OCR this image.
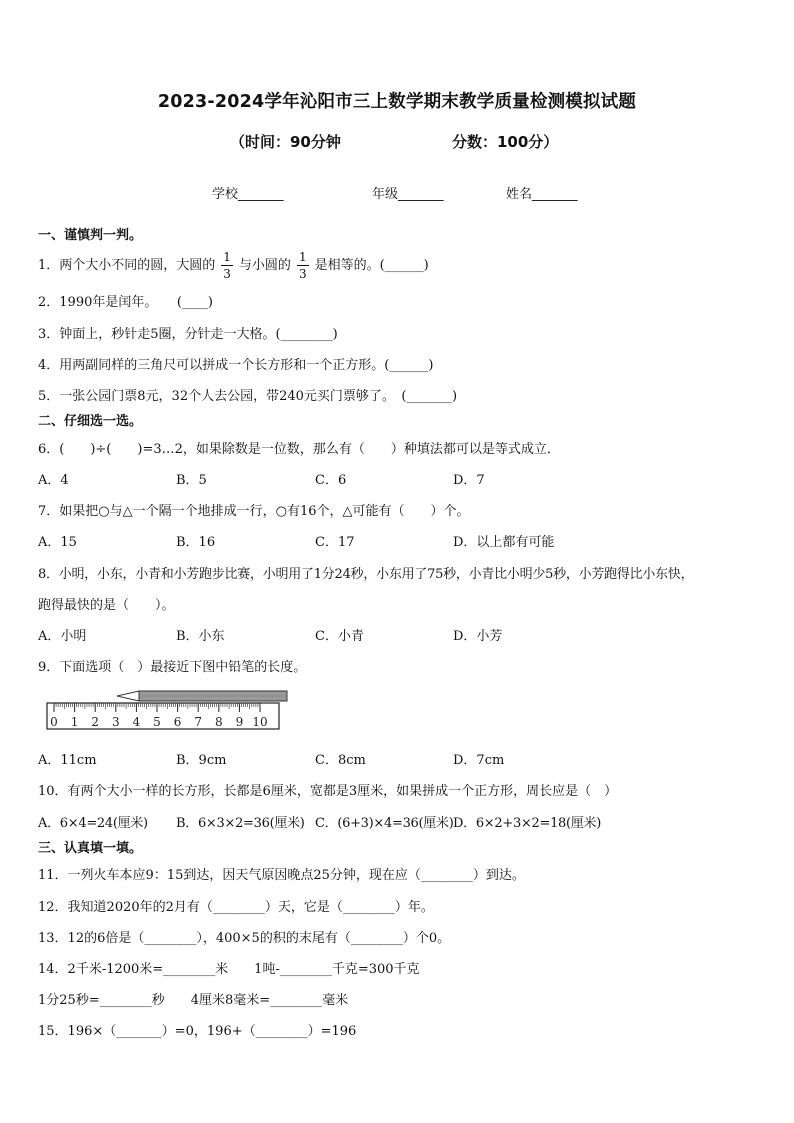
2023-2024学年沁阳市三上数学期末教学质量检测模拟试题
（时间：90分钟	分数：100分）
学校_______	年级_______	姓名_______
一、谨慎判一判。
1．两个大小不同的圆，大圆的 $\frac{1}{3}$ 与小圆的 $\frac{1}{3}$ 是相等的。(______)
2．1990年是闰年。　　(____)
3．钟面上，秒针走5圈，分针走一大格。(________)
4．用两副同样的三角尺可以拼成一个长方形和一个正方形。(______)
5．一张公园门票8元，32个人去公园，带240元买门票够了。　(_______)
二、仔细选一选。
6．(　　)÷(　　)=3…2，如果除数是一位数，那么有（　　）种填法都可以是等式成立．
A．4	B．5	C．6	D．7
7．如果把○与△一个隔一个地排成一行，○有16个，△可能有（　　）个。
A．15	B．16	C．17	D．以上都有可能
8．小明，小东，小青和小芳跑步比赛，小明用了1分24秒，小东用了75秒，小青比小明少5秒，小芳跑得比小东快，
跑得最快的是（　　）。
A．小明	B．小东	C．小青	D．小芳
9．下面选项（　）最接近下图中铅笔的长度。
0 1 2 3 4 5 6 7 8 9 10
A．11cm	B．9cm	C．8cm	D．7cm
10．有两个大小一样的长方形，长都是6厘米，宽都是3厘米，如果拼成一个正方形，周长应是（　）
A．6×4=24(厘米) B．6×3×2=36(厘米) C．(6+3)×4=36(厘米) D．6×2+3×2=18(厘米)
三、认真填一填。
11．一列火车本应9：15到达，因天气原因晚点25分钟，现在应（________）到达。
12．我知道2020年的2月有（________）天，它是（________）年。
13．12的6倍是（________），400×5的积的末尾有（________）个0。
14．2千米-1200米=________米　　1吨-________千克=300千克
1分25秒=________秒　　4厘米8毫米=________毫米
15．196×（_______）=0，196+（________）=196
